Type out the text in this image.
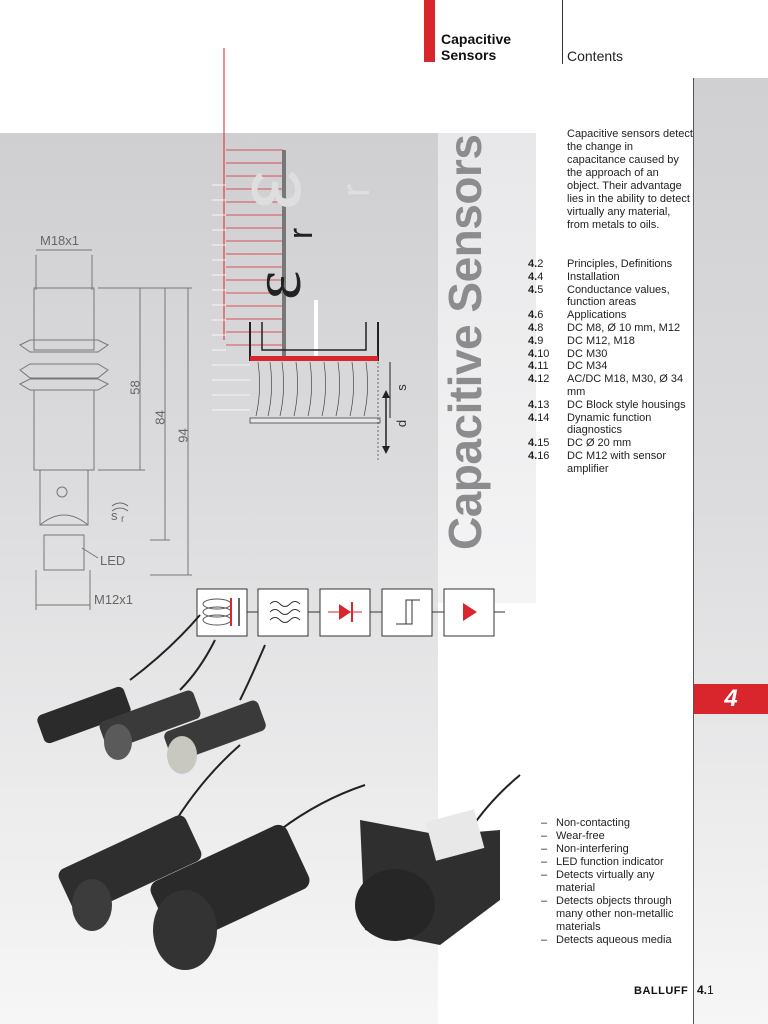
Capacitive
Sensors	Contents
ε
ε
M18x1
M12x1
58
84
94
LED
s r
s
d
r
r Capacitive Sensors
Capacitive sensors detect the change in capacitance caused by the approach of an object. Their advantage lies in the ability to detect virtually any material, from metals to oils.
4.2	Principles, Definitions
4.4	Installation
4.5	Conductance values, function areas
4.6	Applications
4.8	DC M8, Ø 10 mm, M12
4.9	DC M12, M18
4.10	DC M30
4.11	DC M34
4.12	AC/DC M18, M30, Ø 34 mm
4.13	DC Block style housings
4.14	Dynamic function diagnostics
4.15	DC Ø 20 mm
4.16	DC M12 with sensor amplifier
– Non-contacting
– Wear-free
– Non-interfering
– LED function indicator
– Detects virtually any material
– Detects objects through many other non-metallic materials
– Detects aqueous media
4
BALLUFF 4.1
